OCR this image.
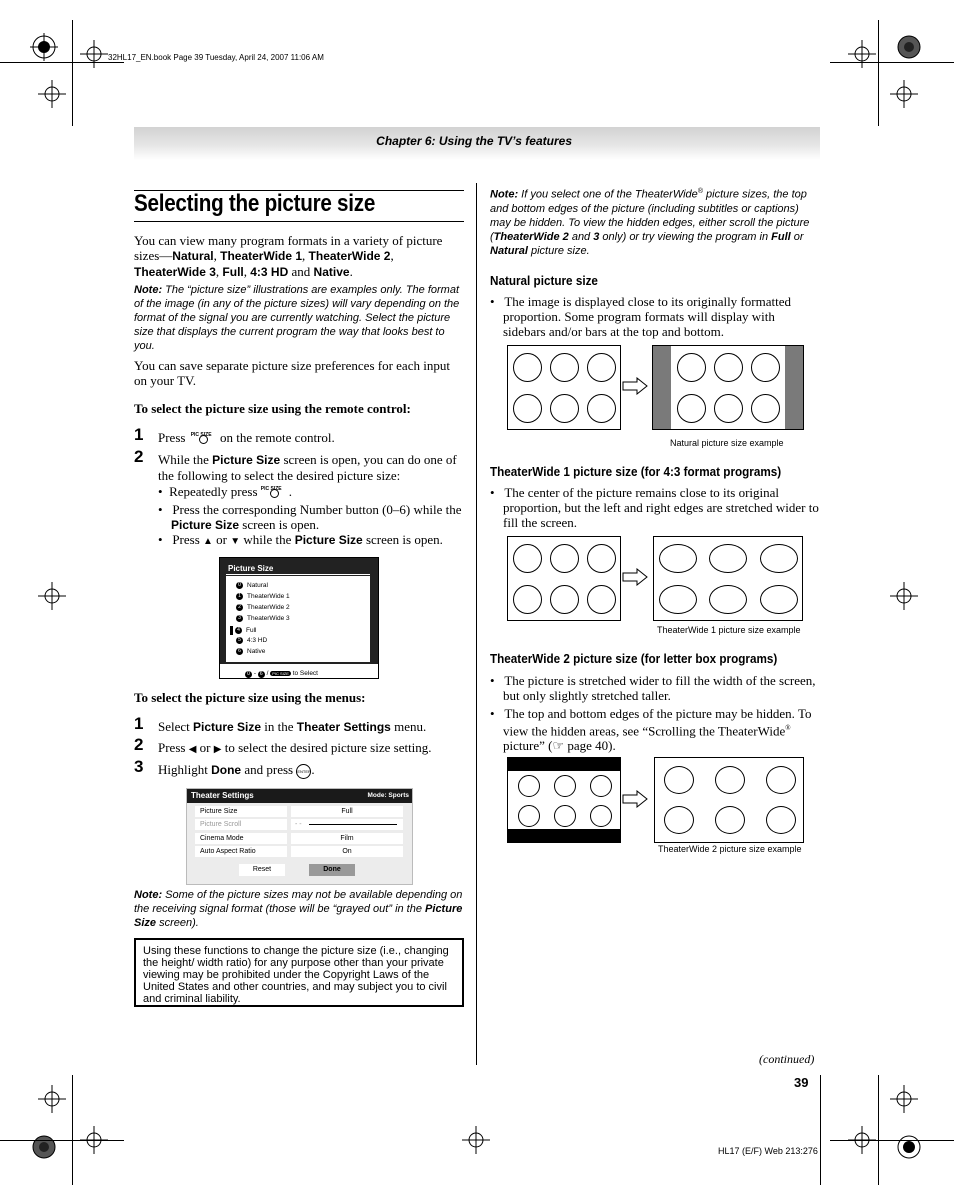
32HL17_EN.book Page 39 Tuesday, April 24, 2007 11:06 AM
Chapter 6: Using the TV’s features
Selecting the picture size
You can view many program formats in a variety of picture sizes—Natural, TheaterWide 1, TheaterWide 2, TheaterWide 3, Full, 4:3 HD and Native.
Note: The “picture size” illustrations are examples only. The format of the image (in any of the picture sizes) will vary depending on the format of the signal you are currently watching. Select the picture size that displays the current program the way that looks best to you.
You can save separate picture size preferences for each input on your TV.
To select the picture size using the remote control:
1 Press PIC SIZE on the remote control.
2 While the Picture Size screen is open, you can do one of the following to select the desired picture size:
•  Repeatedly press PIC SIZE .
•   Press the corresponding Number button (0–6) while the Picture Size screen is open.
•   Press ▲ or ▼ while the Picture Size screen is open.
Picture Size
0 Natural
1 TheaterWide 1
2 TheaterWide 2
3 TheaterWide 3
4 Full
5 4:3 HD
6 Native
0 - 6 / $_{PIC SIZE}$ to Select
To select the picture size using the menus:
1 Select Picture Size in the Theater Settings menu.
2 Press ◀ or ▶ to select the desired picture size setting.
3 Highlight Done and press ENTER.
Theater Settings	Mode: Sports
Picture Size	Full
Picture Scroll	- -
Cinema Mode	Film
Auto Aspect Ratio	On
Reset	Done
Note: Some of the picture sizes may not be available depending on the receiving signal format (those will be “grayed out” in the Picture Size screen).
Using these functions to change the picture size (i.e., changing the height/ width ratio) for any purpose other than your private viewing may be prohibited under the Copyright Laws of the United States and other countries, and may subject you to civil and criminal liability.
Note: If you select one of the TheaterWide® picture sizes, the top and bottom edges of the picture (including subtitles or captions) may be hidden. To view the hidden edges, either scroll the picture (TheaterWide 2 and 3 only) or try viewing the program in Full or Natural picture size.
Natural picture size
•   The image is displayed close to its originally formatted proportion. Some program formats will display with sidebars and/or bars at the top and bottom.
Natural picture size example
TheaterWide 1 picture size (for 4:3 format programs)
•   The center of the picture remains close to its original proportion, but the left and right edges are stretched wider to fill the screen.
TheaterWide 1 picture size example
TheaterWide 2 picture size (for letter box programs)
•   The picture is stretched wider to fill the width of the screen, but only slightly stretched taller.
•   The top and bottom edges of the picture may be hidden. To view the hidden areas, see “Scrolling the TheaterWide® picture” (☞ page 40).
TheaterWide 2 picture size example
(continued)
39
HL17 (E/F) Web 213:276
